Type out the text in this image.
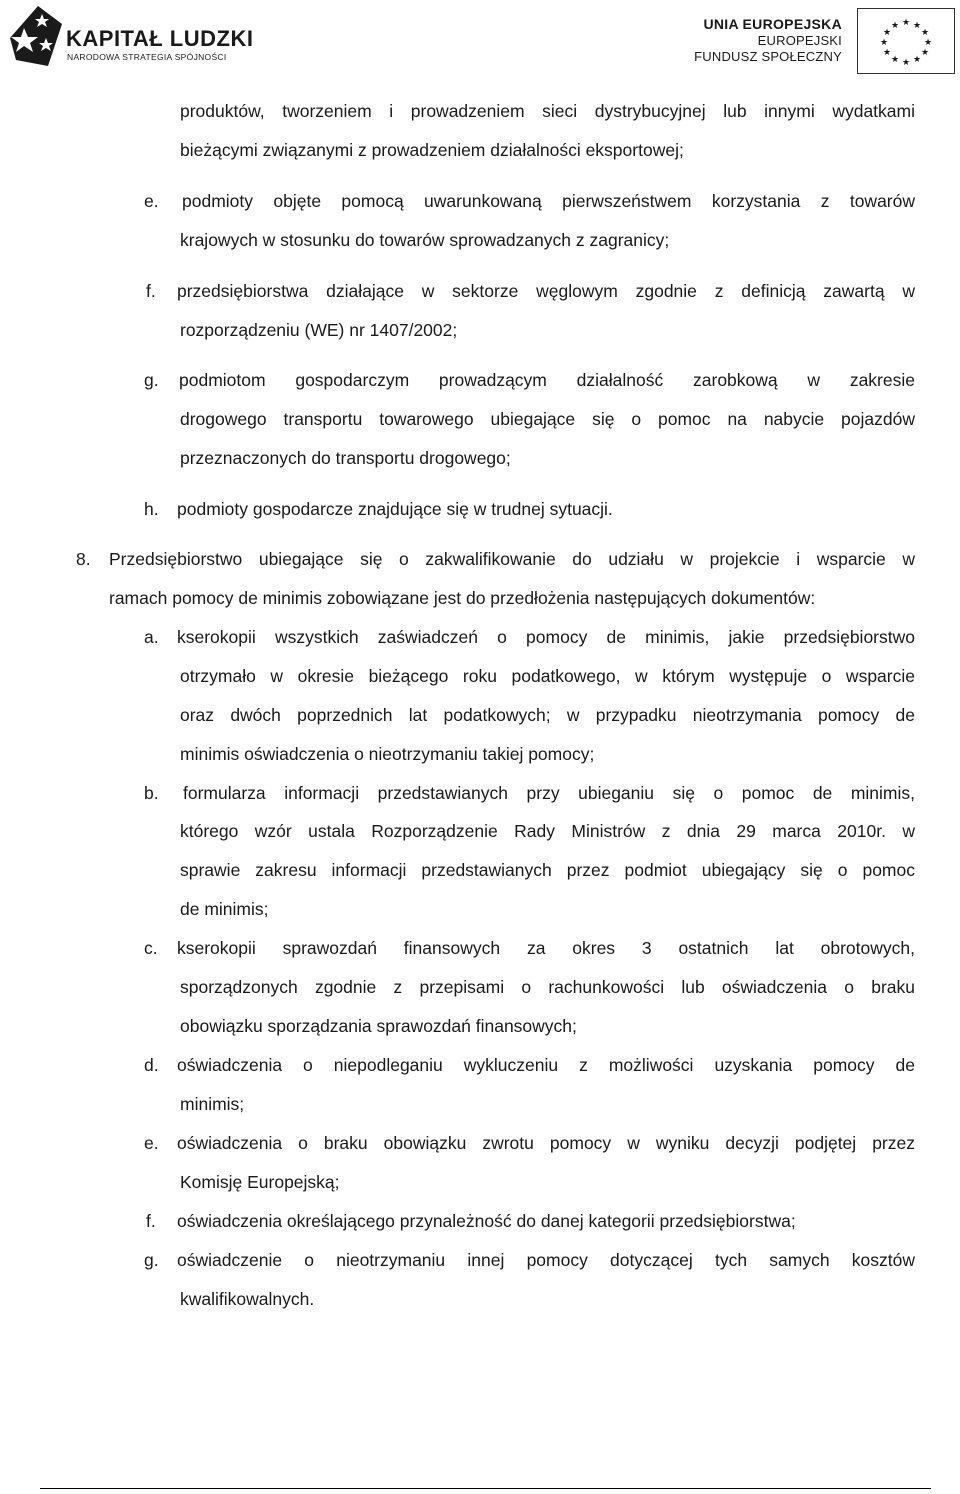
KAPITAŁ LUDZKI
NARODOWA STRATEGIA SPÓJNOŚCI
UNIA EUROPEJSKA
EUROPEJSKI
FUNDUSZ SPOŁECZNY
★ ★
★
★
★
★
★
★
★
★
★
★
produktów, tworzeniem i prowadzeniem sieci dystrybucyjnej lub innymi wydatkami
bieżącymi związanymi z prowadzeniem działalności eksportowej;
e. podmioty objęte pomocą uwarunkowaną pierwszeństwem korzystania z towarów
krajowych w stosunku do towarów sprowadzanych z zagranicy;
f. przedsiębiorstwa działające w sektorze węglowym zgodnie z definicją zawartą w
rozporządzeniu (WE) nr 1407/2002;
g. podmiotom gospodarczym prowadzącym działalność zarobkową w zakresie
drogowego transportu towarowego ubiegające się o pomoc na nabycie pojazdów
przeznaczonych do transportu drogowego;
h. podmioty gospodarcze znajdujące się w trudnej sytuacji.
8. Przedsiębiorstwo ubiegające się o zakwalifikowanie do udziału w projekcie i wsparcie w
ramach pomocy de minimis zobowiązane jest do przedłożenia następujących dokumentów:
a. kserokopii wszystkich zaświadczeń o pomocy de minimis, jakie przedsiębiorstwo
otrzymało w okresie bieżącego roku podatkowego, w którym występuje o wsparcie
oraz dwóch poprzednich lat podatkowych; w przypadku nieotrzymania pomocy de
minimis oświadczenia o nieotrzymaniu takiej pomocy;
b. formularza informacji przedstawianych przy ubieganiu się o pomoc de minimis,
którego wzór ustala Rozporządzenie Rady Ministrów z dnia 29 marca 2010r. w
sprawie zakresu informacji przedstawianych przez podmiot ubiegający się o pomoc
de minimis;
c. kserokopii sprawozdań finansowych za okres 3 ostatnich lat obrotowych,
sporządzonych zgodnie z przepisami o rachunkowości lub oświadczenia o braku
obowiązku sporządzania sprawozdań finansowych;
d. oświadczenia o niepodleganiu wykluczeniu z możliwości uzyskania pomocy de
minimis;
e. oświadczenia o braku obowiązku zwrotu pomocy w wyniku decyzji podjętej przez
Komisję Europejską;
f. oświadczenia określającego przynależność do danej kategorii przedsiębiorstwa;
g. oświadczenie o nieotrzymaniu innej pomocy dotyczącej tych samych kosztów
kwalifikowalnych.
